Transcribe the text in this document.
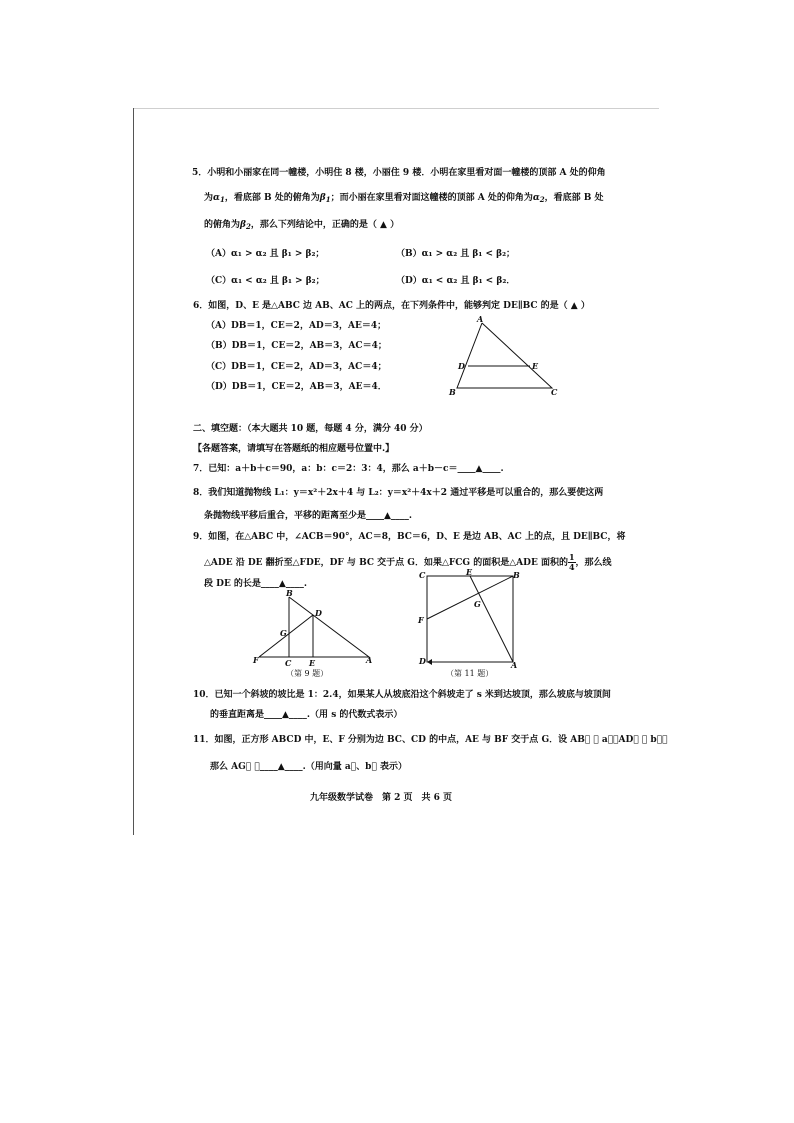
5．小明和小丽家在同一幢楼，小明住 8 楼，小丽住 9 楼．小明在家里看对面一幢楼的顶部 A 处的仰角
为$\alpha_1$，看底部 B 处的俯角为$\beta_1$；而小丽在家里看对面这幢楼的顶部 A 处的仰角为$\alpha_2$，看底部 B 处
的俯角为$\beta_2$，那么下列结论中，正确的是（ ▲ ）
（A）α₁ > α₂ 且 β₁ > β₂；	（B）α₁ > α₂ 且 β₁ < β₂；
（C）α₁ < α₂ 且 β₁ > β₂；	（D）α₁ < α₂ 且 β₁ < β₂．
6．如图，D、E 是△ABC 边 AB、AC 上的两点，在下列条件中，能够判定 DE∥BC 的是（ ▲ ）
（A）DB＝1，CE＝2，AD＝3，AE＝4；
（B）DB＝1，CE＝2，AB＝3，AC＝4；
（C）DB＝1，CE＝2，AD＝3，AC＝4；
（D）DB＝1，CE＝2，AB＝3，AE＝4．
A
B	C
D	E
二、填空题：（本大题共 10 题，每题 4 分，满分 40 分）
【各题答案，请填写在答题纸的相应题号位置中.】
7．已知：a＋b＋c＝90，a：b：c＝2：3：4，那么 a＋b－c＝____▲____.
8．我们知道抛物线 L₁：y＝x²＋2x＋4 与 L₂：y＝x²＋4x＋2 通过平移是可以重合的，那么要使这两
条抛物线平移后重合，平移的距离至少是____▲____.
9．如图，在△ABC 中，∠ACB＝90°，AC＝8，BC＝6，D、E 是边 AB、AC 上的点，且 DE∥BC，将
△ADE 沿 DE 翻折至△FDE，DF 与 BC 交于点 G．如果△FCG 的面积是△ADE 面积的 $\frac{1}{4}$ ，那么线
段 DE 的长是____▲____.
B
D
G
F	C E	A
（第 9 题）
C	E	B
G
F
D	A
（第 11 题）
10．已知一个斜坡的坡比是 1：2.4，如果某人从坡底沿这个斜坡走了 s 米到达坡顶，那么坡底与坡顶间
的垂直距离是____▲____.（用 s 的代数式表示）
11．如图，正方形 ABCD 中，E、F 分别为边 BC、CD 的中点，AE 与 BF 交于点 G．设 AB⃗ ＝ a⃗，AD⃗ ＝ b⃗，
那么 AG⃗ ＝____▲____.（用向量 a⃗、b⃗ 表示）
九年级数学试卷　第 2 页　共 6 页
